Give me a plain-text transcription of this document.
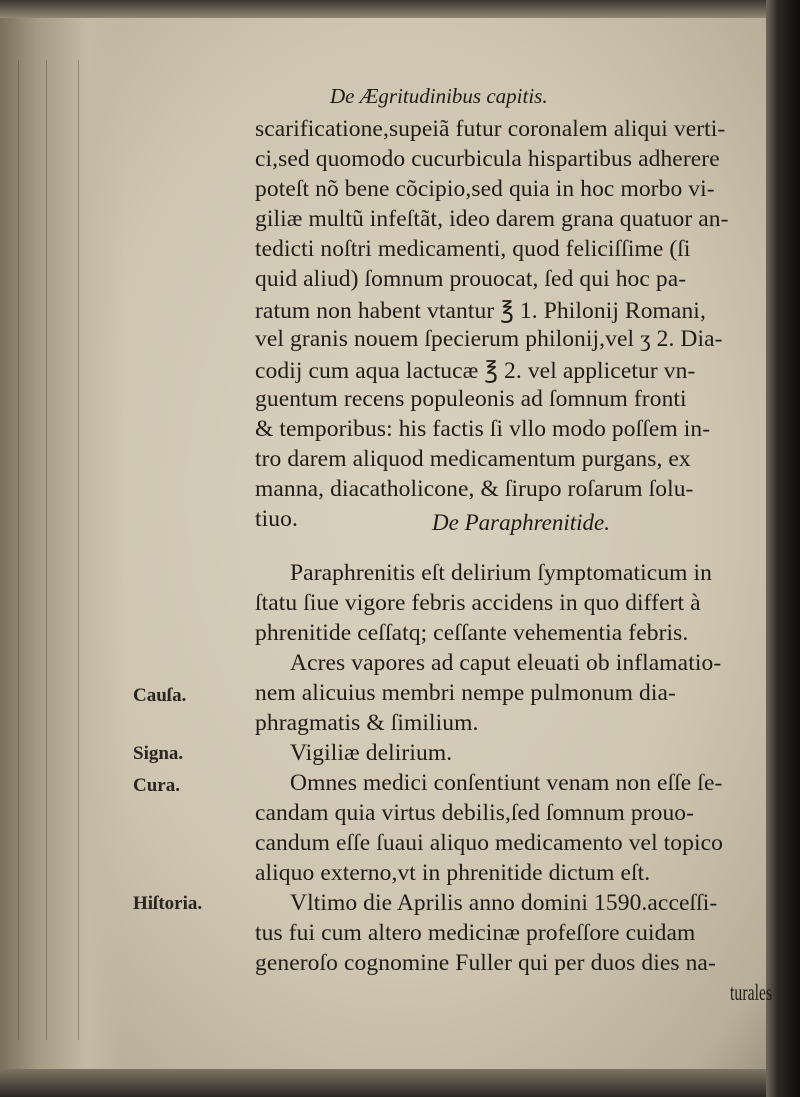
De Ægritudinibus capitis.
scarificatione,supeiã futur coronalem aliqui verti-
ci,sed quomodo cucurbicula hispartibus adherere
poteſt nõ bene cõcipio,sed quia in hoc morbo vi-
giliæ multũ infeſtãt, ideo darem grana quatuor an-
tedicti noſtri medicamenti, quod feliciſſime (ſi
quid aliud) ſomnum prouocat, ſed qui hoc pa-
ratum non habent vtantur ℥ 1. Philonij Romani,
vel granis nouem ſpecierum philonij,vel ʒ 2. Dia-
codij cum aqua lactucæ ℥ 2. vel applicetur vn-
guentum recens populeonis ad ſomnum fronti
& temporibus: his factis ſi vllo modo poſſem in-
tro darem aliquod medicamentum purgans, ex
manna, diacatholicone, & ſirupo roſarum ſolu-
tiuo.	De Paraphrenitide.
Paraphrenitis eſt delirium ſymptomaticum in
ſtatu ſiue vigore febris accidens in quo differt à
phrenitide ceſſatq; ceſſante vehementia febris.
Acres vapores ad caput eleuati ob inflamatio-
nem alicuius membri nempe pulmonum dia-
phragmatis & ſimilium.
Vigiliæ delirium.
Omnes medici conſentiunt venam non eſſe ſe-
candam quia virtus debilis,ſed ſomnum prouo-
candum eſſe ſuaui aliquo medicamento vel topico
aliquo externo,vt in phrenitide dictum eſt.
Vltimo die Aprilis anno domini 1590.acceſſi-
tus fui cum altero medicinæ profeſſore cuidam
generoſo cognomine Fuller qui per duos dies na-
turales
Cauſa.
Signa.
Cura.
Hiſtoria.
